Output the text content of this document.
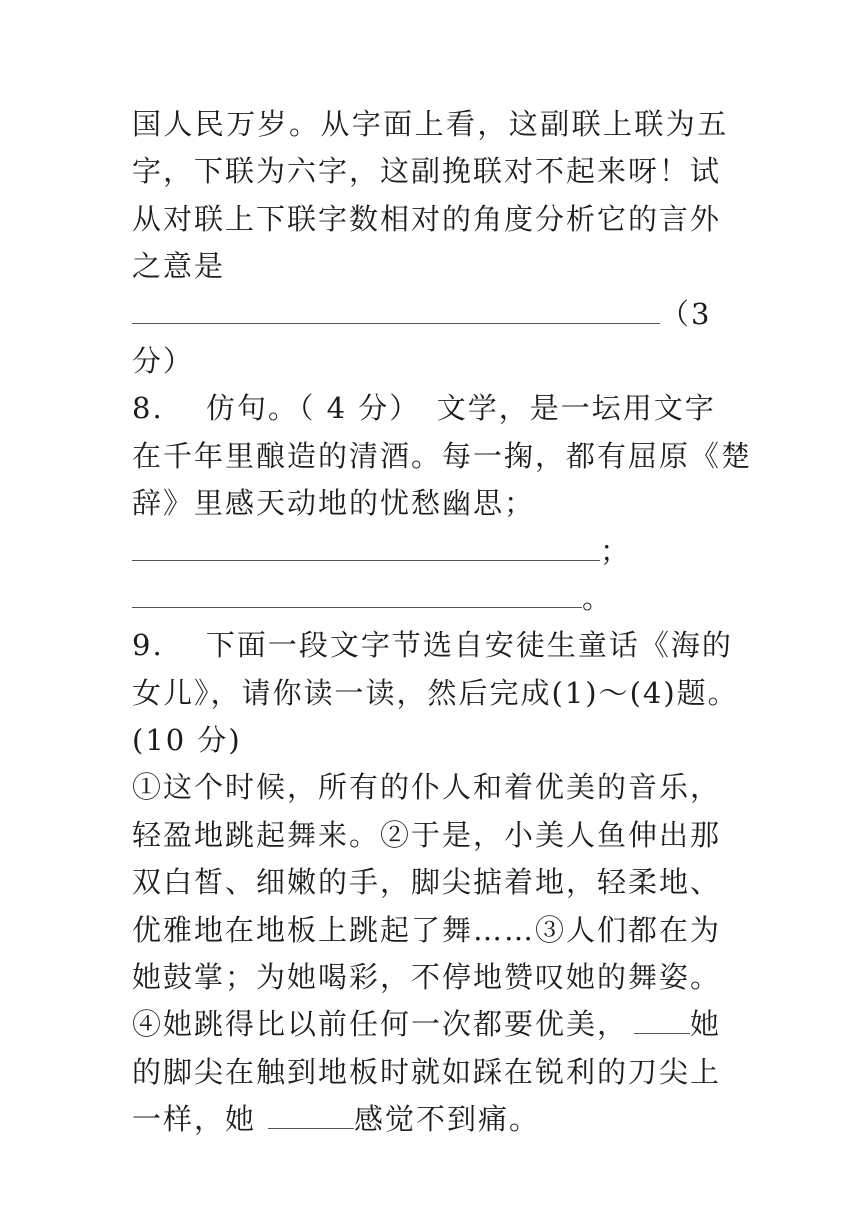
国人民万岁。从字面上看，这副联上联为五
字，下联为六字，这副挽联对不起来呀！试
从对联上下联字数相对的角度分析它的言外
之意是
（3
分）
8.　 仿句。（ 4 分）　文学，是一坛用文字
在千年里酿造的清酒。每一掬，都有屈原《楚
辞》里感天动地的忧愁幽思；
；
。
9.　 下面一段文字节选自安徒生童话《海的
女儿》，请你读一读，然后完成(1)～(4)题。
(10 分)
①这个时候，所有的仆人和着优美的音乐，
轻盈地跳起舞来。②于是，小美人鱼伸出那
双白皙、细嫩的手，脚尖掂着地，轻柔地、
优雅地在地板上跳起了舞……③人们都在为
她鼓掌；为她喝彩，不停地赞叹她的舞姿。
④她跳得比以前任何一次都要优美， 她
的脚尖在触到地板时就如踩在锐利的刀尖上
一样，她	感觉不到痛。
